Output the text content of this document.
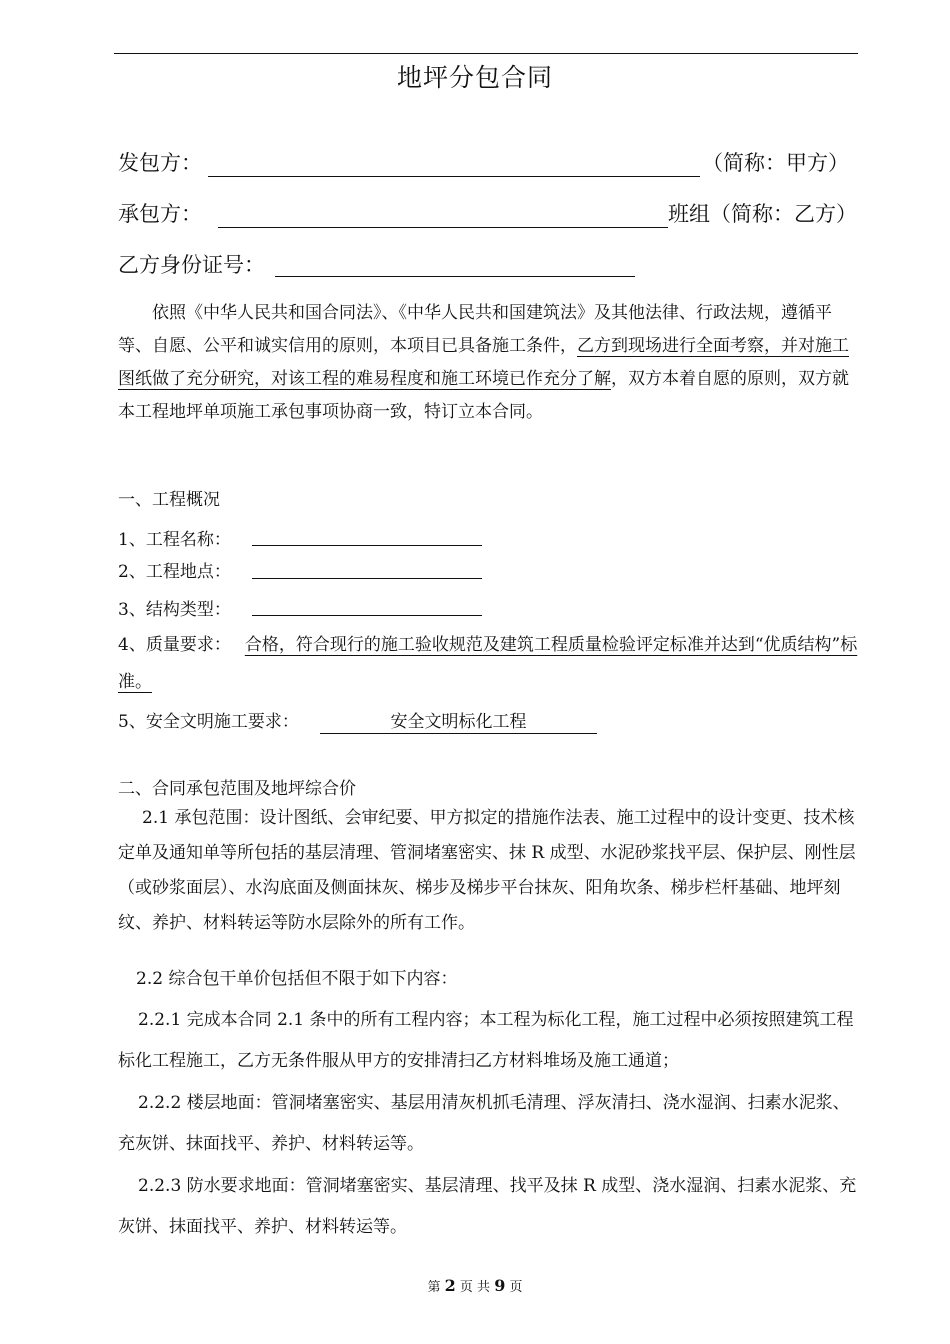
地坪分包合同
发包方：	（简称：甲方）
承包方：	班组（简称：乙方）
乙方身份证号：
依照《中华人民共和国合同法》、《中华人民共和国建筑法》及其他法律、行政法规，遵循平等、自愿、公平和诚实信用的原则，本项目已具备施工条件，乙方到现场进行全面考察，并对施工图纸做了充分研究，对该工程的难易程度和施工环境已作充分了解，双方本着自愿的原则，双方就本工程地坪单项施工承包事项协商一致，特订立本合同。
一、工程概况
1、工程名称：
2、工程地点：
3、结构类型：
4、质量要求： 合格，符合现行的施工验收规范及建筑工程质量检验评定标准并达到“优质结构”标准。
5、安全文明施工要求：	安全文明标化工程
二、合同承包范围及地坪综合价
2.1 承包范围：设计图纸、会审纪要、甲方拟定的措施作法表、施工过程中的设计变更、技术核定单及通知单等所包括的基层清理、管洞堵塞密实、抹 R 成型、水泥砂浆找平层、保护层、刚性层（或砂浆面层）、水沟底面及侧面抹灰、梯步及梯步平台抹灰、阳角坎条、梯步栏杆基础、地坪刻纹、养护、材料转运等防水层除外的所有工作。
2.2 综合包干单价包括但不限于如下内容：
2.2.1 完成本合同 2.1 条中的所有工程内容；本工程为标化工程，施工过程中必须按照建筑工程标化工程施工，乙方无条件服从甲方的安排清扫乙方材料堆场及施工通道；
2.2.2 楼层地面：管洞堵塞密实、基层用清灰机抓毛清理、浮灰清扫、浇水湿润、扫素水泥浆、充灰饼、抹面找平、养护、材料转运等。
2.2.3 防水要求地面：管洞堵塞密实、基层清理、找平及抹 R 成型、浇水湿润、扫素水泥浆、充灰饼、抹面找平、养护、材料转运等。
第 2 页 共 9 页
